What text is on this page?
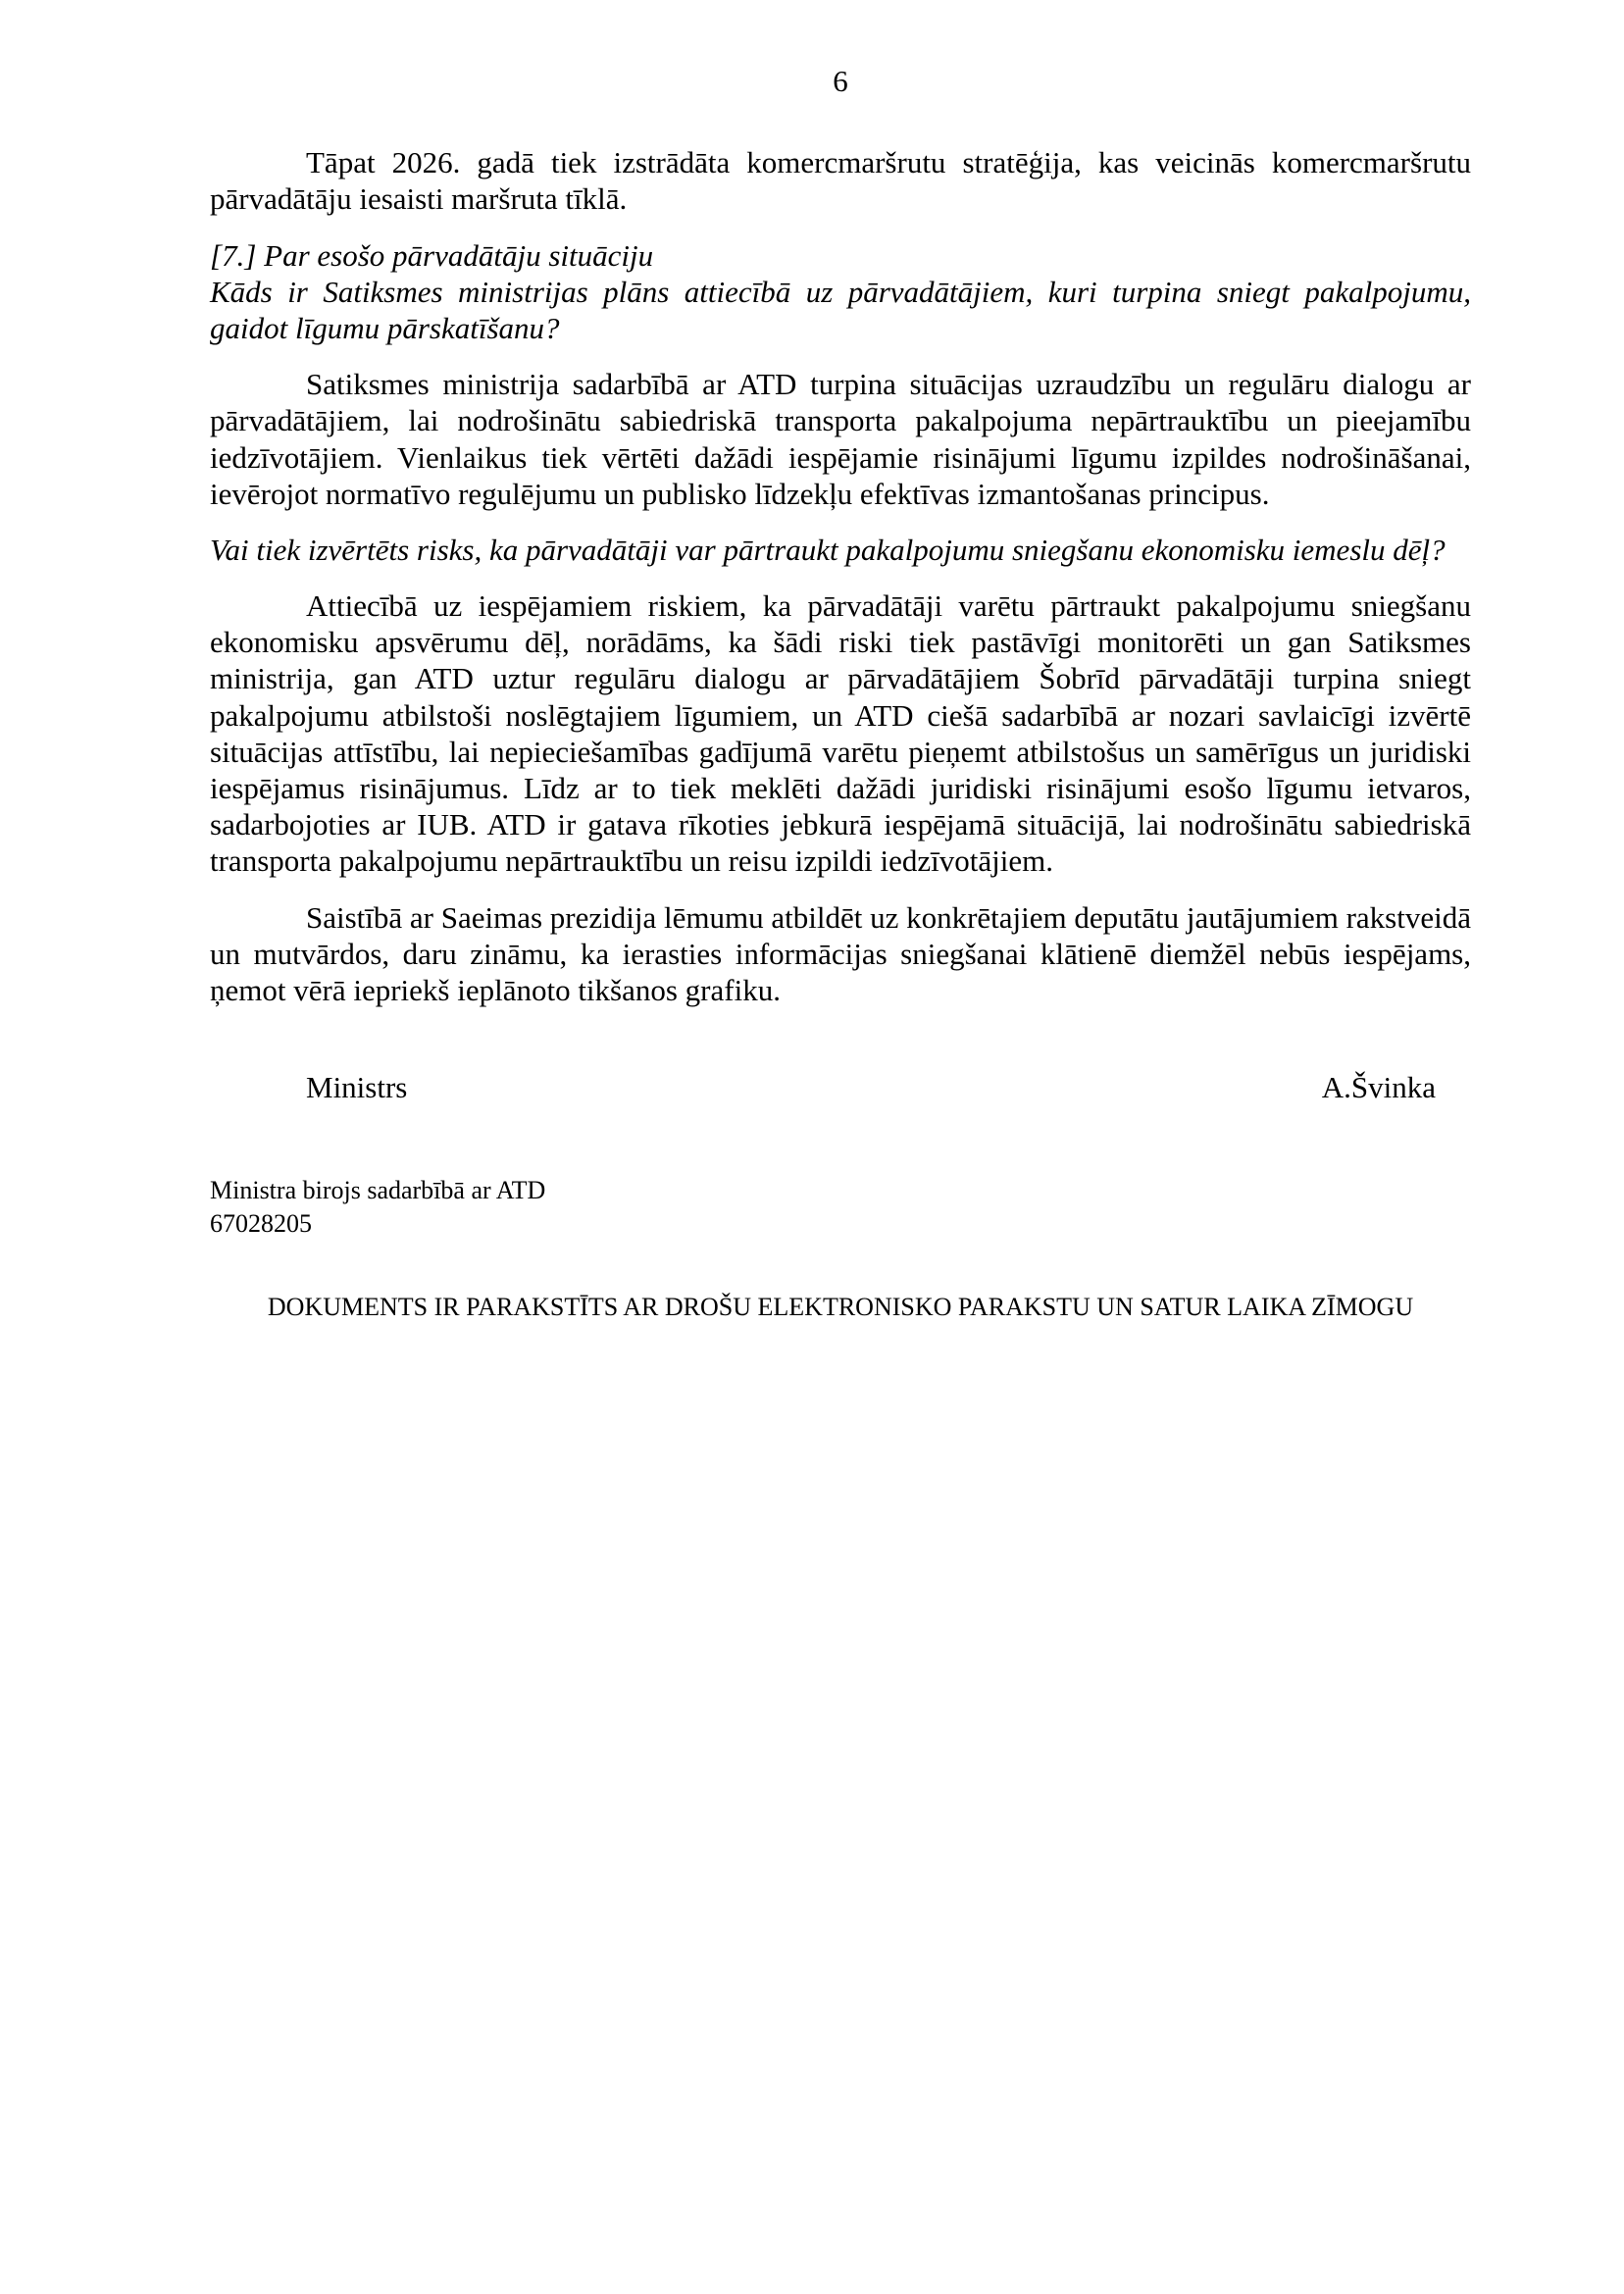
6

Tāpat 2026. gadā tiek izstrādāta komercmaršrutu stratēģija, kas veicinās komercmaršrutu pārvadātāju iesaisti maršruta tīklā.

[7.] Par esošo pārvadātāju situāciju

Kāds ir Satiksmes ministrijas plāns attiecībā uz pārvadātājiem, kuri turpina sniegt pakalpojumu, gaidot līgumu pārskatīšanu?

Satiksmes ministrija sadarbībā ar ATD turpina situācijas uzraudzību un regulāru dialogu ar pārvadātājiem, lai nodrošinātu sabiedriskā transporta pakalpojuma nepārtrauktību un pieejamību iedzīvotājiem. Vienlaikus tiek vērtēti dažādi iespējamie risinājumi līgumu izpildes nodrošināšanai, ievērojot normatīvo regulējumu un publisko līdzekļu efektīvas izmantošanas principus.

Vai tiek izvērtēts risks, ka pārvadātāji var pārtraukt pakalpojumu sniegšanu ekonomisku iemeslu dēļ?

Attiecībā uz iespējamiem riskiem, ka pārvadātāji varētu pārtraukt pakalpojumu sniegšanu ekonomisku apsvērumu dēļ, norādāms, ka šādi riski tiek pastāvīgi monitorēti un gan Satiksmes ministrija, gan ATD uztur regulāru dialogu ar pārvadātājiem Šobrīd pārvadātāji turpina sniegt pakalpojumu atbilstoši noslēgtajiem līgumiem, un ATD ciešā sadarbībā ar nozari savlaicīgi izvērtē situācijas attīstību, lai nepieciešamības gadījumā varētu pieņemt atbilstošus un samērīgus un juridiski iespējamus risinājumus. Līdz ar to tiek meklēti dažādi juridiski risinājumi esošo līgumu ietvaros, sadarbojoties ar IUB. ATD ir gatava rīkoties jebkurā iespējamā situācijā, lai nodrošinātu sabiedriskā transporta pakalpojumu nepārtrauktību un reisu izpildi iedzīvotājiem.

Saistībā ar Saeimas prezidija lēmumu atbildēt uz konkrētajiem deputātu jautājumiem rakstveidā un mutvārdos, daru zināmu, ka ierasties informācijas sniegšanai klātienē diemžēl nebūs iespējams, ņemot vērā iepriekš ieplānoto tikšanos grafiku.

Ministrs	A.Švinka
Ministra birojs sadarbībā ar ATD
67028205
DOKUMENTS IR PARAKSTĪTS AR DROŠU ELEKTRONISKO PARAKSTU UN SATUR LAIKA ZĪMOGU
